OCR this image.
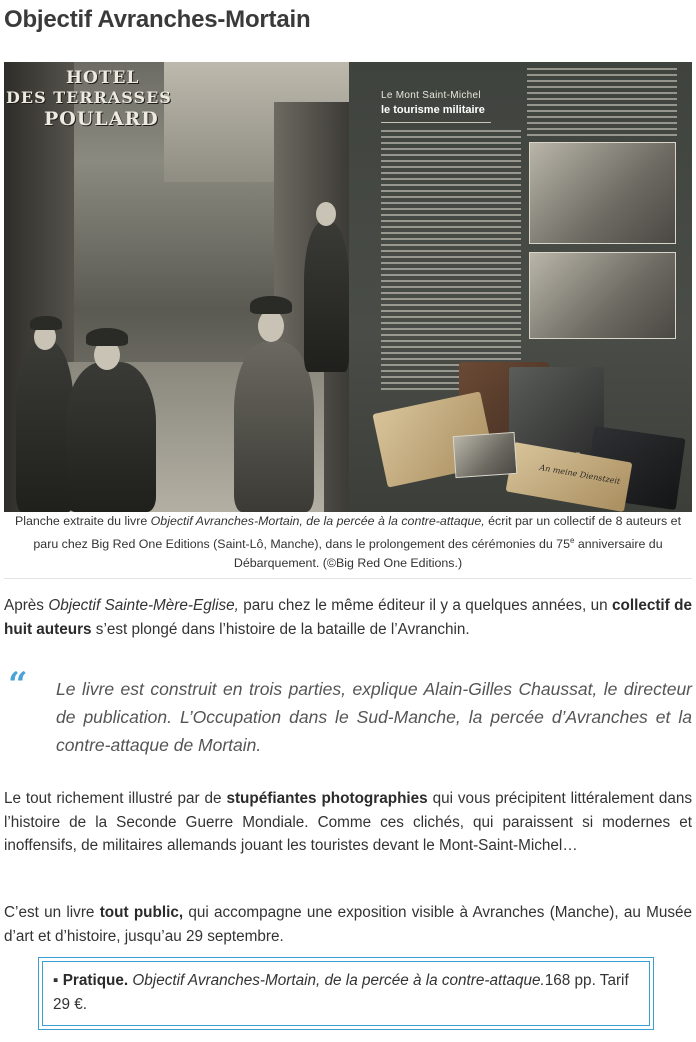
Objectif Avranches-Mortain
HOTEL
DES TERRASSES
POULARD
Le Mont Saint-Michel
le tourisme militaire
An meine Dienstzeit

Planche extraite du livre Objectif Avranches-Mortain, de la percée à la contre-attaque, écrit par un collectif de 8 auteurs et paru chez Big Red One Editions (Saint-Lô, Manche), dans le prolongement des cérémonies du 75e anniversaire du Débarquement. (©Big Red One Editions.)

Après Objectif Sainte-Mère-Eglise, paru chez le même éditeur il y a quelques années, un collectif de huit auteurs s’est plongé dans l’histoire de la bataille de l’Avranchin.

“ Le livre est construit en trois parties, explique Alain-Gilles Chaussat, le directeur de publication. L’Occupation dans le Sud-Manche, la percée d’Avranches et la contre-attaque de Mortain.

Le tout richement illustré par de stupéfiantes photographies qui vous précipitent littéralement dans l’histoire de la Seconde Guerre Mondiale. Comme ces clichés, qui paraissent si modernes et inoffensifs, de militaires allemands jouant les touristes devant le Mont-Saint-Michel…

C’est un livre tout public, qui accompagne une exposition visible à Avranches (Manche), au Musée d’art et d’histoire, jusqu’au 29 septembre.

▪ Pratique. Objectif Avranches-Mortain, de la percée à la contre-attaque.168 pp. Tarif 29 €.
